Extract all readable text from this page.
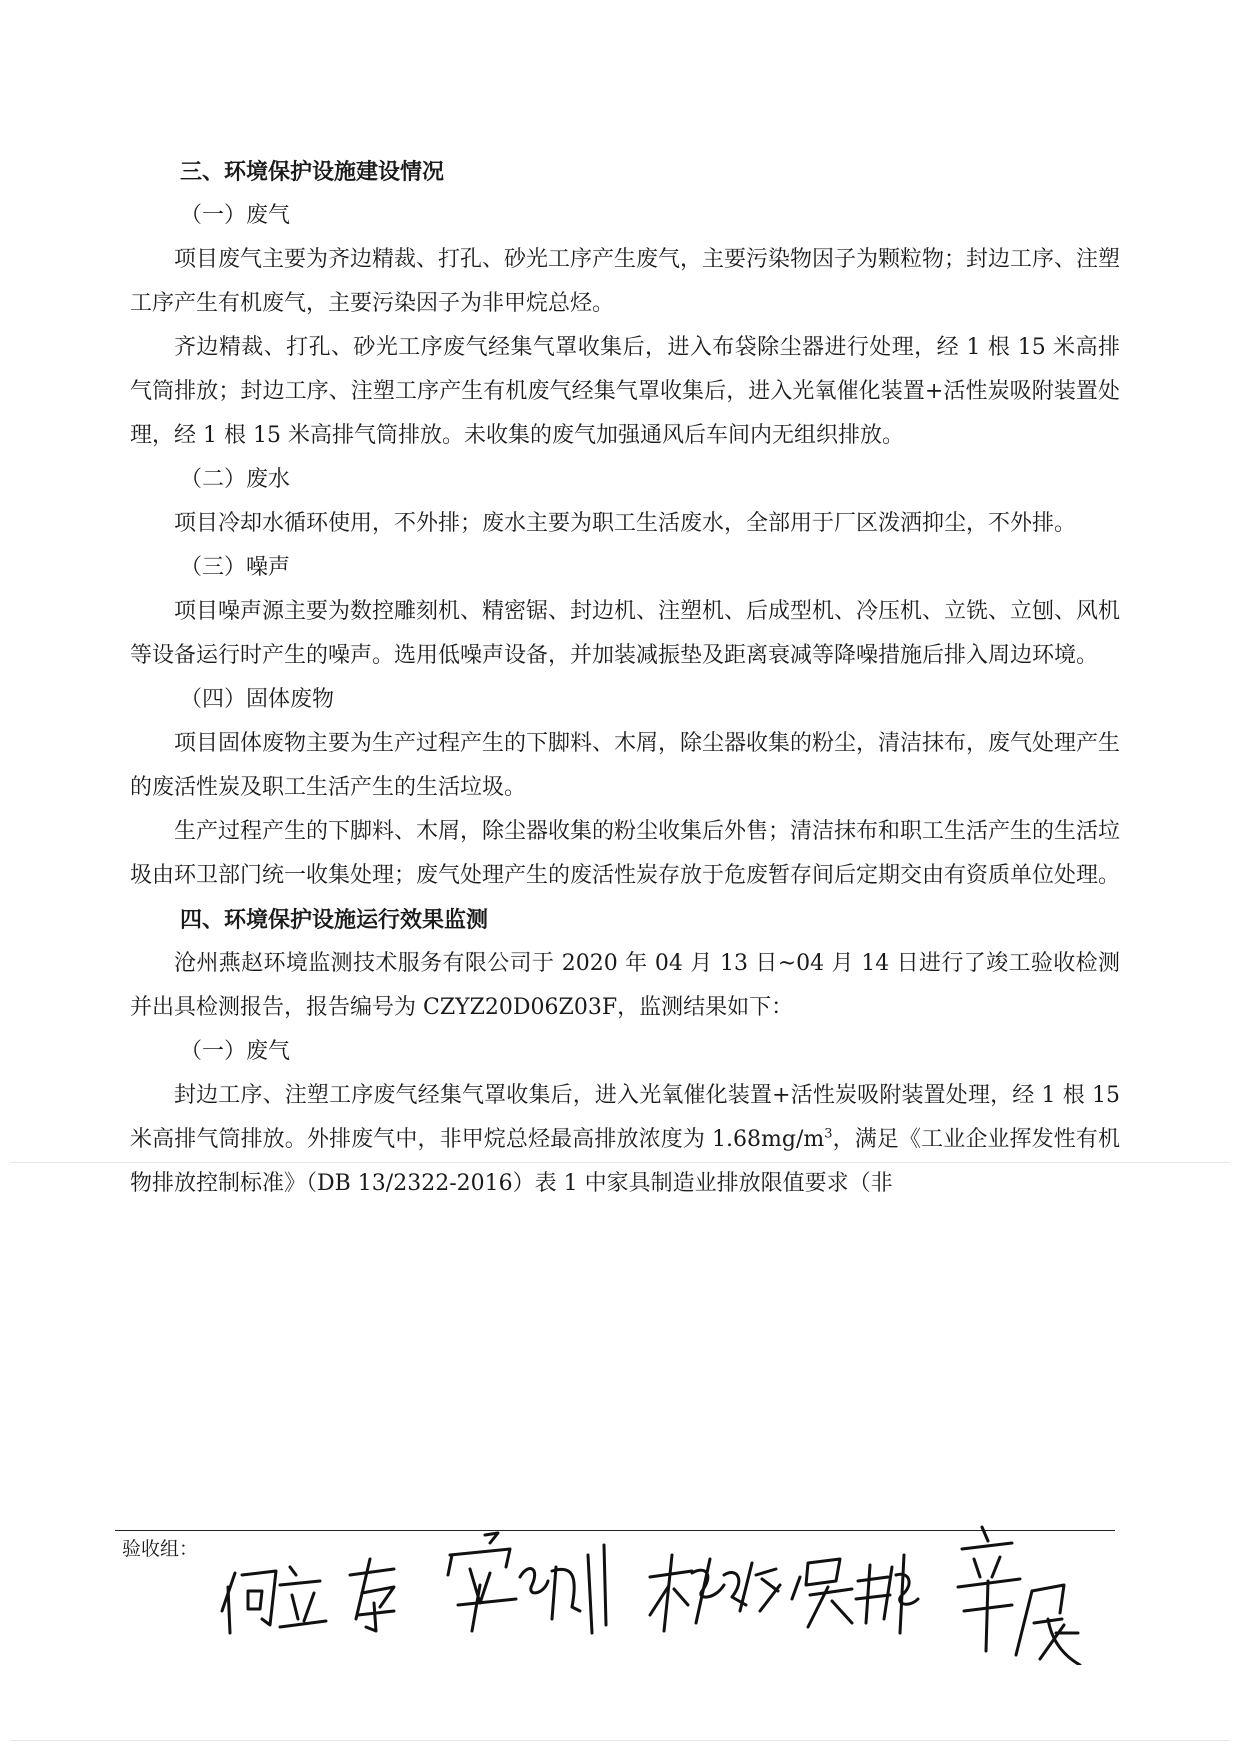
三、环境保护设施建设情况

（一）废气

项目废气主要为齐边精裁、打孔、砂光工序产生废气，主要污染物因子为颗粒物；封边工序、注塑工序产生有机废气，主要污染因子为非甲烷总烃。

齐边精裁、打孔、砂光工序废气经集气罩收集后，进入布袋除尘器进行处理，经 1 根 15 米高排气筒排放；封边工序、注塑工序产生有机废气经集气罩收集后，进入光氧催化装置+活性炭吸附装置处理，经 1 根 15 米高排气筒排放。未收集的废气加强通风后车间内无组织排放。

（二）废水

项目冷却水循环使用，不外排；废水主要为职工生活废水，全部用于厂区泼洒抑尘，不外排。

（三）噪声

项目噪声源主要为数控雕刻机、精密锯、封边机、注塑机、后成型机、冷压机、立铣、立刨、风机等设备运行时产生的噪声。选用低噪声设备，并加装减振垫及距离衰减等降噪措施后排入周边环境。

（四）固体废物

项目固体废物主要为生产过程产生的下脚料、木屑，除尘器收集的粉尘，清洁抹布，废气处理产生的废活性炭及职工生活产生的生活垃圾。

生产过程产生的下脚料、木屑，除尘器收集的粉尘收集后外售；清洁抹布和职工生活产生的生活垃圾由环卫部门统一收集处理；废气处理产生的废活性炭存放于危废暂存间后定期交由有资质单位处理。

四、环境保护设施运行效果监测

沧州燕赵环境监测技术服务有限公司于 2020 年 04 月 13 日~04 月 14 日进行了竣工验收检测并出具检测报告，报告编号为 CZYZ20D06Z03F，监测结果如下：

（一）废气

封边工序、注塑工序废气经集气罩收集后，进入光氧催化装置+活性炭吸附装置处理，经 1 根 15 米高排气筒排放。外排废气中，非甲烷总烃最高排放浓度为 $1.68mg/m^3$，满足《工业企业挥发性有机物排放控制标准》（DB 13/2322-2016）表 1 中家具制造业排放限值要求（非

验收组：
